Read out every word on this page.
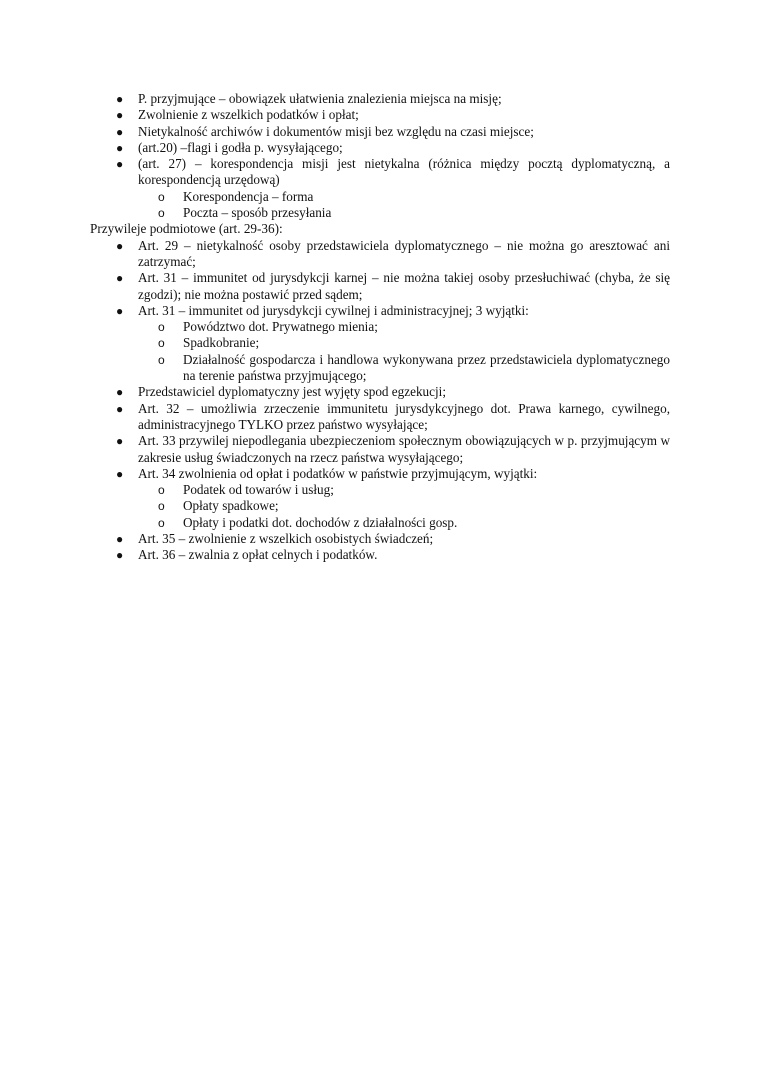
● P. przyjmujące – obowiązek ułatwienia znalezienia miejsca na misję;
● Zwolnienie z wszelkich podatków i opłat;
● Nietykalność archiwów i dokumentów misji bez względu na czasi miejsce;
● (art.20) –flagi i godła p. wysyłającego;
● (art. 27) – korespondencja misji jest nietykalna (różnica między pocztą dyplomatyczną, a korespondencją urzędową)
o Korespondencja – forma
o Poczta – sposób przesyłania
Przywileje podmiotowe (art. 29-36):
● Art. 29 – nietykalność osoby przedstawiciela dyplomatycznego – nie można go aresztować ani zatrzymać;
● Art. 31 – immunitet od jurysdykcji karnej – nie można takiej osoby przesłuchiwać (chyba, że się zgodzi); nie można postawić przed sądem;
● Art. 31 – immunitet od jurysdykcji cywilnej i administracyjnej; 3 wyjątki:
o Powództwo dot. Prywatnego mienia;
o Spadkobranie;
o Działalność gospodarcza i handlowa wykonywana przez przedstawiciela dyplomatycznego na terenie państwa przyjmującego;
● Przedstawiciel dyplomatyczny jest wyjęty spod egzekucji;
● Art. 32 – umożliwia zrzeczenie immunitetu jurysdykcyjnego dot. Prawa karnego, cywilnego, administracyjnego TYLKO przez państwo wysyłające;
● Art. 33 przywilej niepodlegania ubezpieczeniom społecznym obowiązujących w p. przyjmującym w zakresie usług świadczonych na rzecz państwa wysyłającego;
● Art. 34 zwolnienia od opłat i podatków w państwie przyjmującym, wyjątki:
o Podatek od towarów i usług;
o Opłaty spadkowe;
o Opłaty i podatki dot. dochodów z działalności gosp.
● Art. 35 – zwolnienie z wszelkich osobistych świadczeń;
● Art. 36 – zwalnia z opłat celnych i podatków.
